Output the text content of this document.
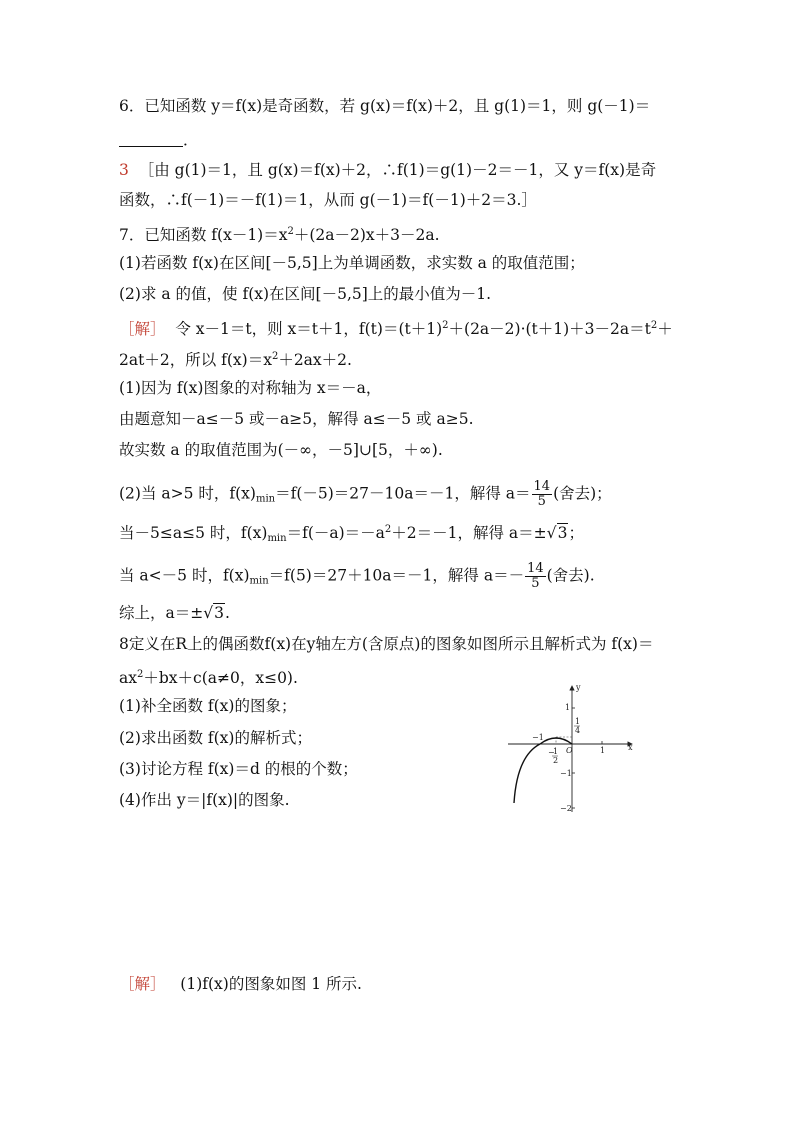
6．已知函数 y＝f(x)是奇函数，若 g(x)＝f(x)＋2，且 g(1)＝1，则 g(－1)＝
．
3 ［由 g(1)＝1，且 g(x)＝f(x)＋2，∴f(1)＝g(1)－2＝－1，又 y＝f(x)是奇
函数，∴f(－1)＝－f(1)＝1，从而 g(－1)＝f(－1)＋2＝3.］
7．已知函数 $f(x-1)=x^2+(2a-2)x+3-2a$.
(1)若函数 f(x)在区间[－5,5]上为单调函数，求实数 a 的取值范围；
(2)求 a 的值，使 f(x)在区间[－5,5]上的最小值为－1.
［解］ 令 x－1＝t，则 x＝t＋1，$f(t)=(t+1)^2+(2a-2)\cdot(t+1)+3-2a=t^2+$
2at＋2，所以 $f(x)=x^2+2ax+2$.
(1)因为 f(x)图象的对称轴为 x＝－a，
由题意知－a≤－5 或－a≥5，解得 a≤－5 或 a≥5.
故实数 a 的取值范围为(－∞，－5]∪[5，＋∞).
(2)当 a>5 时，$f(x)_{min}=f(-5)=27-10a=-1$，解得 $a= \frac{14}{5}$ (舍去)；
当－5≤a≤5 时，$f(x)_{min}=f(-a)=-a^2+2=-1$，解得 a＝±√3；
当 a<－5 时，$f(x)_{min}=f(5)=27+10a=-1$，解得 $a=- \frac{14}{5}$ (舍去).
综上，a＝±√3.
8定义在R上的偶函数f(x)在y轴左方(含原点)的图象如图所示且解析式为 f(x)＝
$ax^2+bx+c(a\ne 0$，x≤0).
(1)补全函数 f(x)的图象；
(2)求出函数 f(x)的解析式；
(3)讨论方程 f(x)＝d 的根的个数；
(4)作出 y＝|f(x)|的图象.
y
x
1
1
4
−1
−
1
2
O	1
−1
−2
［解］ (1)f(x)的图象如图 1 所示.
